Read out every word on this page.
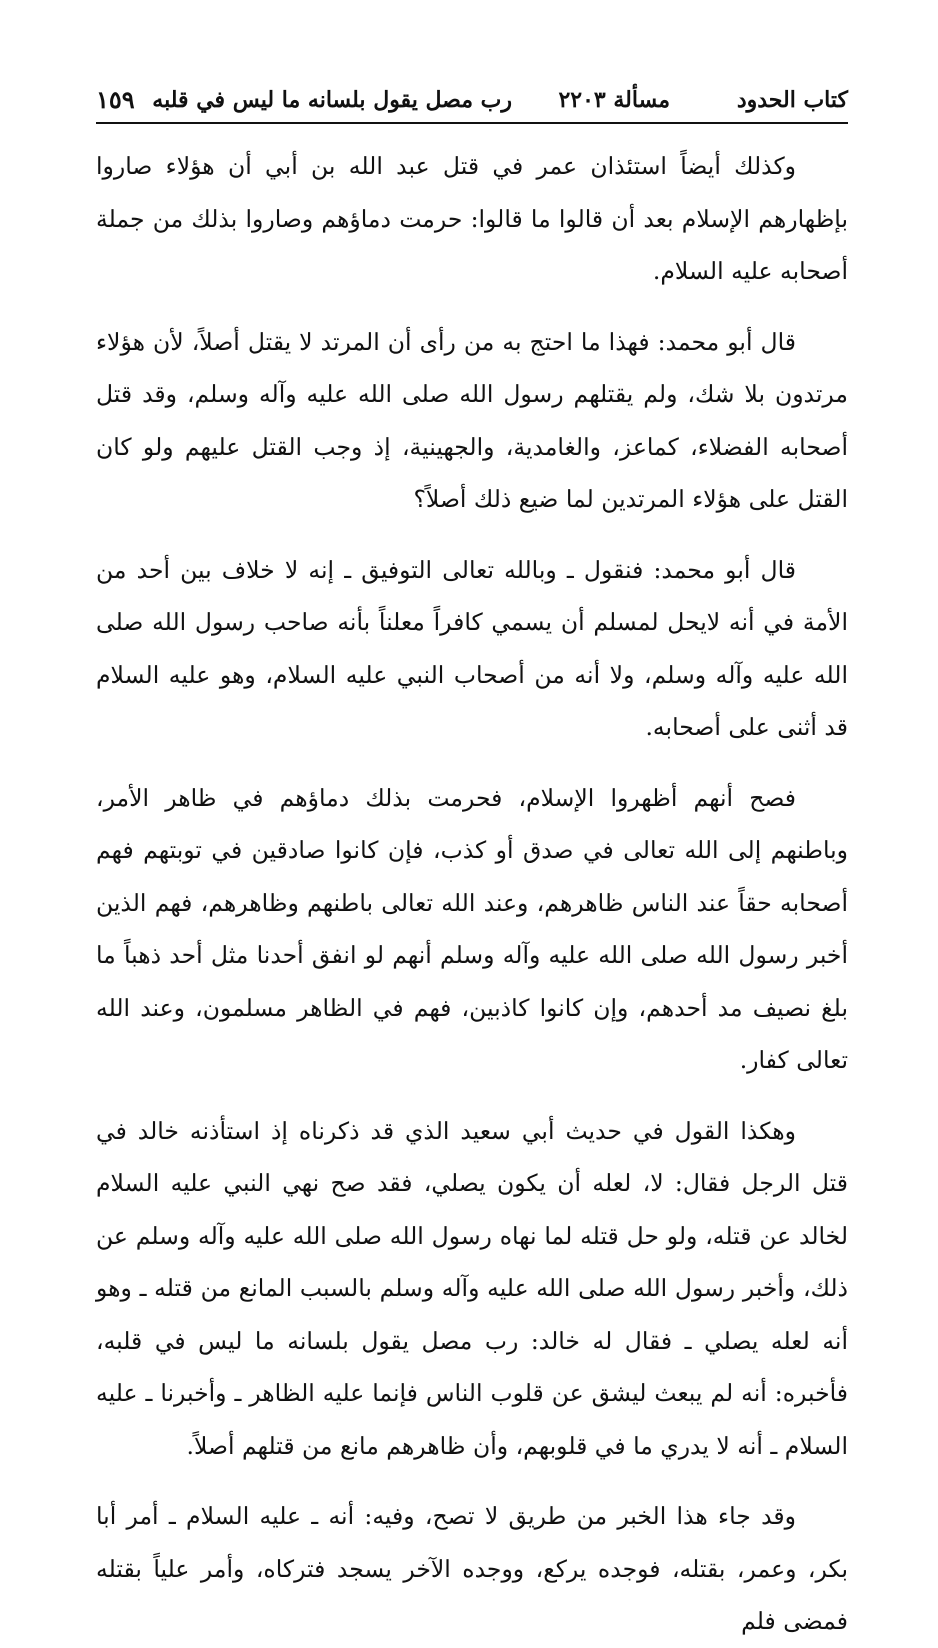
كتاب الحدود
مسألة ٢٢٠٣
رب مصل يقول بلسانه ما ليس في قلبه
١٥٩

وكذلك أيضاً استئذان عمر في قتل عبد الله بن أبي أن هؤلاء صاروا بإظهارهم الإسلام بعد أن قالوا ما قالوا: حرمت دماؤهم وصاروا بذلك من جملة أصحابه عليه السلام.

قال أبو محمد: فهذا ما احتج به من رأى أن المرتد لا يقتل أصلاً، لأن هؤلاء مرتدون بلا شك، ولم يقتلهم رسول الله صلى الله عليه وآله وسلم، وقد قتل أصحابه الفضلاء، كماعز، والغامدية، والجهينية، إذ وجب القتل عليهم ولو كان القتل على هؤلاء المرتدين لما ضيع ذلك أصلاً؟

قال أبو محمد: فنقول ـ وبالله تعالى التوفيق ـ إنه لا خلاف بين أحد من الأمة في أنه لايحل لمسلم أن يسمي كافراً معلناً بأنه صاحب رسول الله صلى الله عليه وآله وسلم، ولا أنه من أصحاب النبي عليه السلام، وهو عليه السلام قد أثنى على أصحابه.

فصح أنهم أظهروا الإسلام، فحرمت بذلك دماؤهم في ظاهر الأمر، وباطنهم إلى الله تعالى في صدق أو كذب، فإن كانوا صادقين في توبتهم فهم أصحابه حقاً عند الناس ظاهرهم، وعند الله تعالى باطنهم وظاهرهم، فهم الذين أخبر رسول الله صلى الله عليه وآله وسلم أنهم لو انفق أحدنا مثل أحد ذهباً ما بلغ نصيف مد أحدهم، وإن كانوا كاذبين، فهم في الظاهر مسلمون، وعند الله تعالى كفار.

وهكذا القول في حديث أبي سعيد الذي قد ذكرناه إذ استأذنه خالد في قتل الرجل فقال: لا، لعله أن يكون يصلي، فقد صح نهي النبي عليه السلام لخالد عن قتله، ولو حل قتله لما نهاه رسول الله صلى الله عليه وآله وسلم عن ذلك، وأخبر رسول الله صلى الله عليه وآله وسلم بالسبب المانع من قتله ـ وهو أنه لعله يصلي ـ فقال له خالد: رب مصل يقول بلسانه ما ليس في قلبه، فأخبره: أنه لم يبعث ليشق عن قلوب الناس فإنما عليه الظاهر ـ وأخبرنا ـ عليه السلام ـ أنه لا يدري ما في قلوبهم، وأن ظاهرهم مانع من قتلهم أصلاً.

وقد جاء هذا الخبر من طريق لا تصح، وفيه: أنه ـ عليه السلام ـ أمر أبا بكر، وعمر، بقتله، فوجده يركع، ووجده الآخر يسجد فتركاه، وأمر علياً بقتله فمضى فلم
